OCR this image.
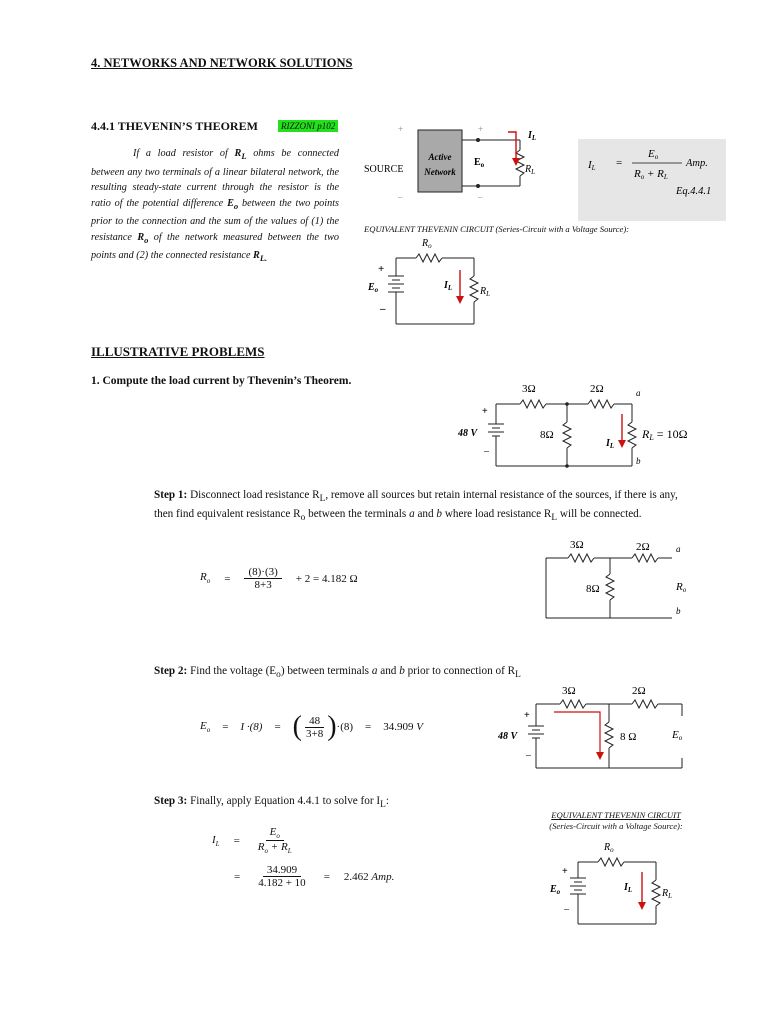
4. NETWORKS AND NETWORK SOLUTIONS
4.4.1 THEVENIN’S THEOREM	RIZZONI p102
If a load resistor of $R_L$ ohms be connected between any two terminals of a linear bilateral network, the resulting steady-state current through the resistor is the ratio of the potential difference $E_o$ between the two points prior to the connection and the sum of the values of (1) the resistance $R_o$ of the network measured between the two points and (2) the connected resistance $R_{L.}$
SOURCE
+
–
+
–
Active
Network
$E_o$	$R_L$
$I_L$
IL =
Eo
Ro + RL
Amp.
Eq.4.4.1
EQUIVALENT THEVENIN CIRCUIT (Series-Circuit with a Voltage Source):
$R_o$
+
–
$E_o$	$R_L$
$I_L$
ILLUSTRATIVE PROBLEMS
1. Compute the load current by Thevenin’s Theorem.
3Ω	2Ω	a
+
–
48 V	8Ω
b
RL = 10Ω
$I_L$
Step 1: Disconnect load resistance $R_L$, remove all sources but retain internal resistance of the sources, if there is any, then find equivalent resistance $R_o$ between the terminals a and b where load resistance $R_L$ will be connected.
$R_o = \frac{(8)\cdot(3)}{8+3} + 2 = 4.182$ Ω
3Ω	2Ω	a
8Ω	Ro
b
Step 2: Find the voltage $(E_o)$ between terminals a and b prior to connection of $R_L$
$E_o = I \cdot(8)$ = ( $\frac{48}{3+8}$ ) ·(8) = 34.909 V
3Ω	2Ω
+
–
48 V	8 Ω	Eo
Step 3: Finally, apply Equation 4.4.1 to solve for $I_L$:
$I_L = \frac{E_o}{R_o + R_L}$
= $\frac{34.909}{4.182 + 10} = 2.462$ Amp.
EQUIVALENT THEVENIN CIRCUIT
(Series-Circuit with a Voltage Source):
$R_o$
+
–
$E_o$	$R_L$
$I_L$
